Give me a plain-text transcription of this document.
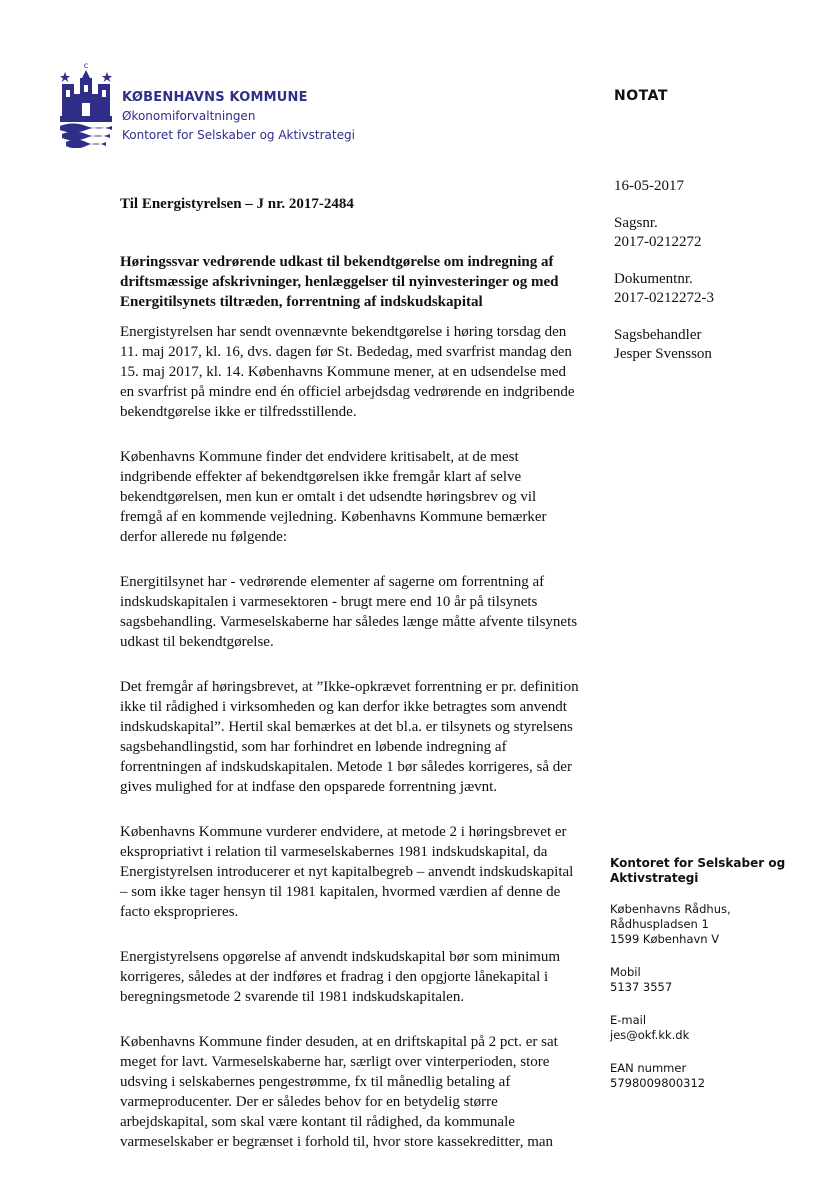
c
KØBENHAVNS KOMMUNE
Økonomiforvaltningen
Kontoret for Selskaber og Aktivstrategi
NOTAT
16-05-2017
Sagsnr.
2017-0212272
Dokumentnr.
2017-0212272-3
Sagsbehandler
Jesper Svensson
Til Energistyrelsen – J nr. 2017-2484
Høringssvar vedrørende udkast til bekendtgørelse om indregning af driftsmæssige afskrivninger, henlæggelser til nyinvesteringer og med Energitilsynets tiltræden, forrentning af indskudskapital

Energistyrelsen har sendt ovennævnte bekendtgørelse i høring torsdag den 11. maj 2017, kl. 16, dvs. dagen før St. Bededag, med svarfrist mandag den 15. maj 2017, kl. 14. Københavns Kommune mener, at en udsendelse med en svarfrist på mindre end én officiel arbejdsdag vedrørende en indgribende bekendtgørelse ikke er tilfredsstillende.

Københavns Kommune finder det endvidere kritisabelt, at de mest indgribende effekter af bekendtgørelsen ikke fremgår klart af selve bekendtgørelsen, men kun er omtalt i det udsendte høringsbrev og vil fremgå af en kommende vejledning. Københavns Kommune bemærker derfor allerede nu følgende:

Energitilsynet har - vedrørende elementer af sagerne om forrentning af indskudskapitalen i varmesektoren - brugt mere end 10 år på tilsynets sagsbehandling. Varmeselskaberne har således længe måtte afvente tilsynets udkast til bekendtgørelse.

Det fremgår af høringsbrevet, at ”Ikke-opkrævet forrentning er pr. definition ikke til rådighed i virksomheden og kan derfor ikke betragtes som anvendt indskudskapital”. Hertil skal bemærkes at det bl.a. er tilsynets og styrelsens sagsbehandlingstid, som har forhindret en løbende indregning af forrentningen af indskudskapitalen. Metode 1 bør således korrigeres, så der gives mulighed for at indfase den opsparede forrentning jævnt.

Københavns Kommune vurderer endvidere, at metode 2 i høringsbrevet er ekspropriativt i relation til varmeselskabernes 1981 indskudskapital, da Energistyrelsen introducerer et nyt kapitalbegreb – anvendt indskudskapital – som ikke tager hensyn til 1981 kapitalen, hvormed værdien af denne de facto eksproprieres.

Energistyrelsens opgørelse af anvendt indskudskapital bør som minimum korrigeres, således at der indføres et fradrag i den opgjorte lånekapital i beregningsmetode 2 svarende til 1981 indskudskapitalen.

Københavns Kommune finder desuden, at en driftskapital på 2 pct. er sat meget for lavt. Varmeselskaberne har, særligt over vinterperioden, store udsving i selskabernes pengestrømme, fx til månedlig betaling af varmeproducenter. Der er således behov for en betydelig større arbejdskapital, som skal være kontant til rådighed, da kommunale varmeselskaber er begrænset i forhold til, hvor store kassekreditter, man

Kontoret for Selskaber og Aktivstrategi
Københavns Rådhus,
Rådhuspladsen 1
1599 København V
Mobil
5137 3557
E-mail
jes@okf.kk.dk
EAN nummer
5798009800312
